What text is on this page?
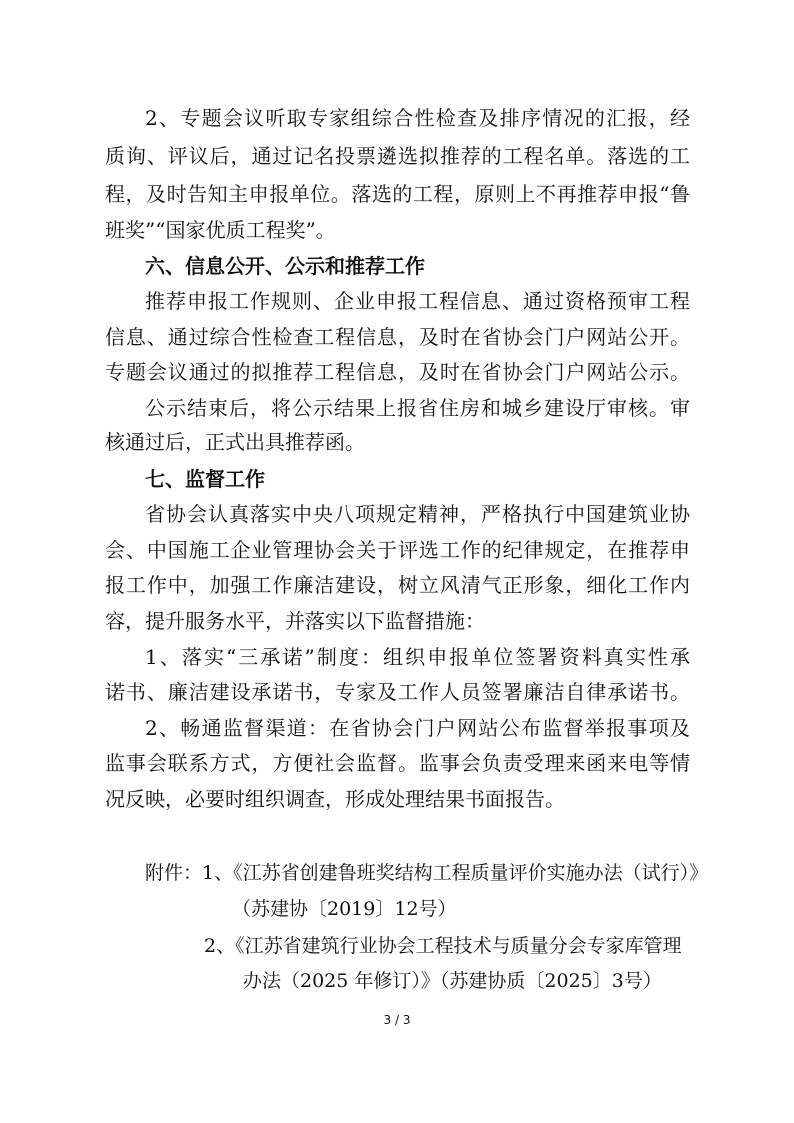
2、专题会议听取专家组综合性检查及排序情况的汇报，经
质询、评议后，通过记名投票遴选拟推荐的工程名单。落选的工
程，及时告知主申报单位。落选的工程，原则上不再推荐申报“鲁
班奖”“国家优质工程奖”。
六、信息公开、公示和推荐工作
推荐申报工作规则、企业申报工程信息、通过资格预审工程
信息、通过综合性检查工程信息，及时在省协会门户网站公开。
专题会议通过的拟推荐工程信息，及时在省协会门户网站公示。
公示结束后，将公示结果上报省住房和城乡建设厅审核。审
核通过后，正式出具推荐函。
七、监督工作
省协会认真落实中央八项规定精神，严格执行中国建筑业协
会、中国施工企业管理协会关于评选工作的纪律规定，在推荐申
报工作中，加强工作廉洁建设，树立风清气正形象，细化工作内
容，提升服务水平，并落实以下监督措施：
1、落实“三承诺”制度：组织申报单位签署资料真实性承
诺书、廉洁建设承诺书，专家及工作人员签署廉洁自律承诺书。
2、畅通监督渠道：在省协会门户网站公布监督举报事项及
监事会联系方式，方便社会监督。监事会负责受理来函来电等情
况反映，必要时组织调查，形成处理结果书面报告。
附件：1、《江苏省创建鲁班奖结构工程质量评价实施办法（试行）》
（苏建协〔2019〕12号）
2、《江苏省建筑行业协会工程技术与质量分会专家库管理
办法（2025 年修订）》（苏建协质〔2025〕3号）
3 / 3
